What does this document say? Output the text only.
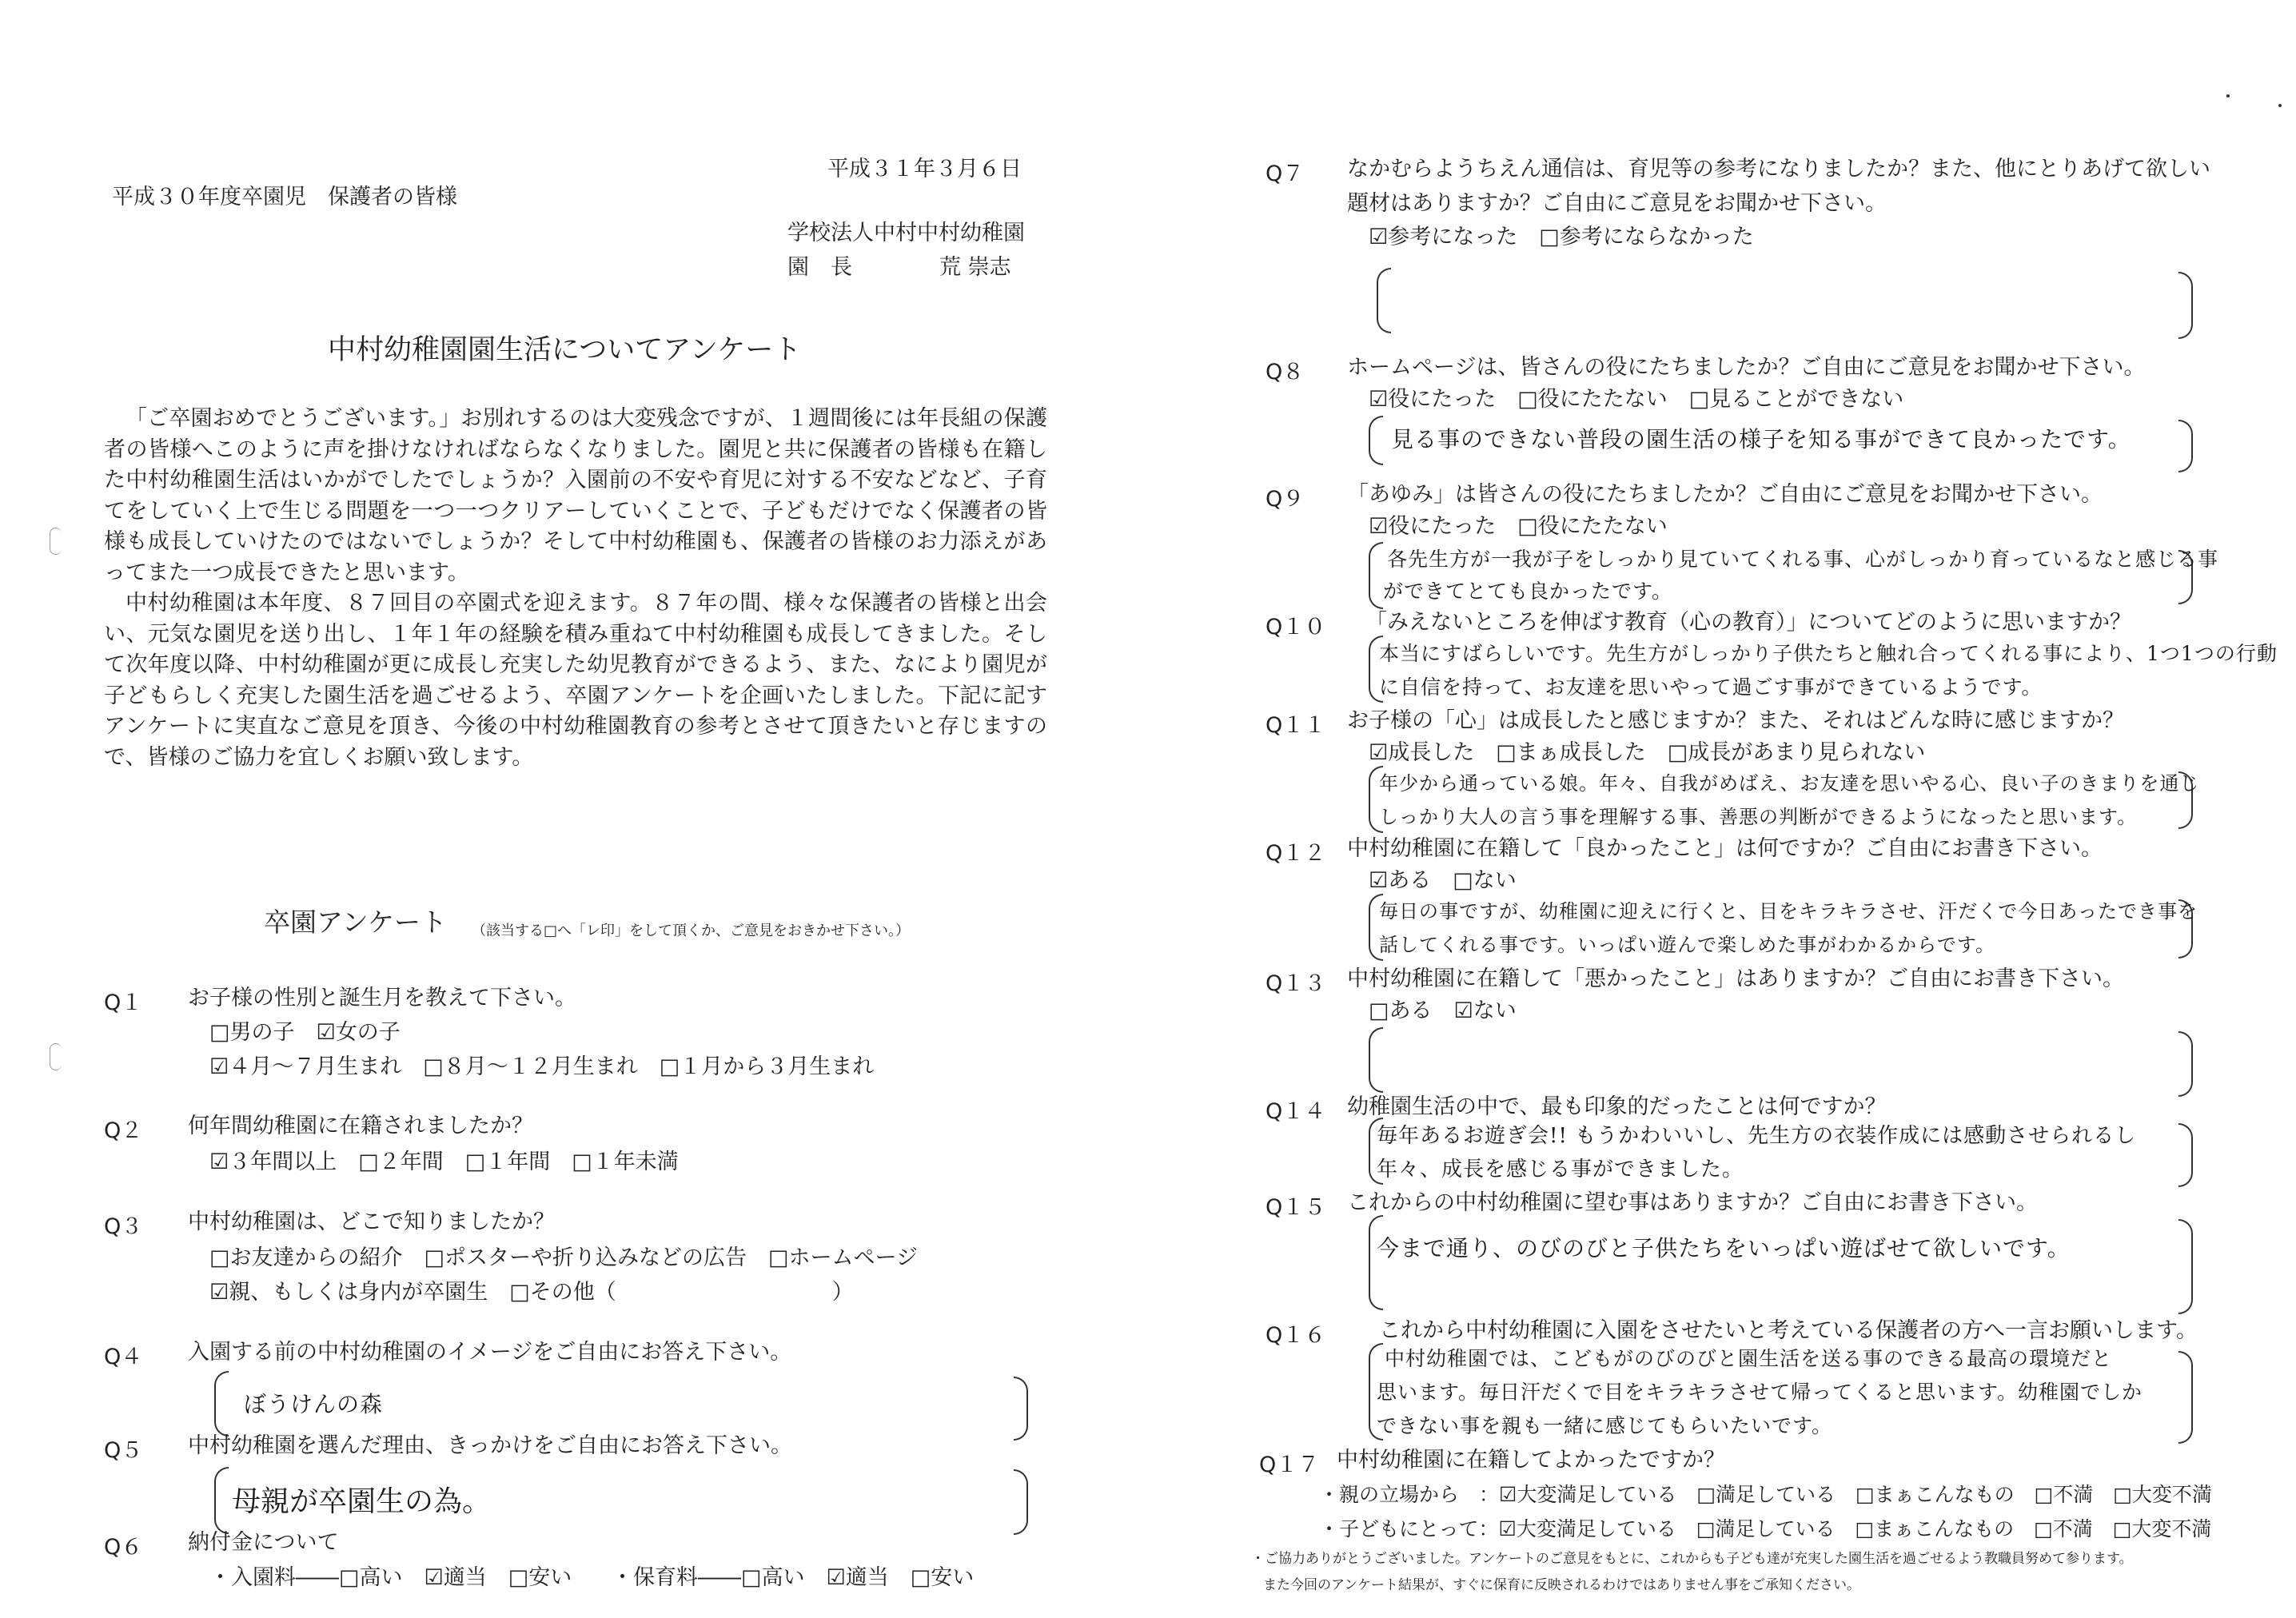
平成３０年度卒園児　保護者の皆様
平成３１年３月６日
学校法人中村中村幼稚園
園　長	荒 崇志
中村幼稚園園生活についてアンケート

「ご卒園おめでとうございます。」お別れするのは大変残念ですが、１週間後には年長組の保護者の皆様へこのように声を掛けなければならなくなりました。園児と共に保護者の皆様も在籍した中村幼稚園生活はいかがでしたでしょうか？入園前の不安や育児に対する不安などなど、子育てをしていく上で生じる問題を一つ一つクリアーしていくことで、子どもだけでなく保護者の皆様も成長していけたのではないでしょうか？そして中村幼稚園も、保護者の皆様のお力添えがあってまた一つ成長できたと思います。

中村幼稚園は本年度、８７回目の卒園式を迎えます。８７年の間、様々な保護者の皆様と出会い、元気な園児を送り出し、１年１年の経験を積み重ねて中村幼稚園も成長してきました。そして次年度以降、中村幼稚園が更に成長し充実した幼児教育ができるよう、また、なにより園児が子どもらしく充実した園生活を過ごせるよう、卒園アンケートを企画いたしました。下記に記すアンケートに実直なご意見を頂き、今後の中村幼稚園教育の参考とさせて頂きたいと存じますので、皆様のご協力を宜しくお願い致します。

卒園アンケート （該当する□へ「レ印」をして頂くか、ご意見をおきかせ下さい。）
Q１ お子様の性別と誕生月を教えて下さい。
□男の子　☑女の子
☑４月～７月生まれ　□８月～１２月生まれ　□１月から３月生まれ
Q２ 何年間幼稚園に在籍されましたか？
☑３年間以上　□２年間　□１年間　□１年未満
Q３ 中村幼稚園は、どこで知りましたか？
□お友達からの紹介　□ポスターや折り込みなどの広告　□ホームページ
☑親、もしくは身内が卒園生　□その他（　　　　　　　　　　）
Q４ 入園する前の中村幼稚園のイメージをご自由にお答え下さい。
ぼうけんの森
Q５ 中村幼稚園を選んだ理由、きっかけをご自由にお答え下さい。
母親が卒園生の為。
Q６ 納付金について
・入園料――□高い　☑適当　□安い ・保育料――□高い　☑適当　□安い
Q７ なかむらようちえん通信は、育児等の参考になりましたか？また、他にとりあげて欲しい
題材はありますか？ご自由にご意見をお聞かせ下さい。
☑参考になった　□参考にならなかった
Q８ ホームページは、皆さんの役にたちましたか？ご自由にご意見をお聞かせ下さい。
☑役にたった　□役にたたない　□見ることができない
見る事のできない普段の園生活の様子を知る事ができて良かったです。
Q９ 「あゆみ」は皆さんの役にたちましたか？ご自由にご意見をお聞かせ下さい。
☑役にたった　□役にたたない
各先生方が一我が子をしっかり見ていてくれる事、心がしっかり育っているなと感じる事
ができてとても良かったです。
Q１０ 「みえないところを伸ばす教育（心の教育）」についてどのように思いますか？
本当にすばらしいです。先生方がしっかり子供たちと触れ合ってくれる事により、1つ1つの行動
に自信を持って、お友達を思いやって過ごす事ができているようです。
Q１１ お子様の「心」は成長したと感じますか？また、それはどんな時に感じますか？
☑成長した　□まぁ成長した　□成長があまり見られない
年少から通っている娘。年々、自我がめばえ、お友達を思いやる心、良い子のきまりを通じ
しっかり大人の言う事を理解する事、善悪の判断ができるようになったと思います。
Q１２ 中村幼稚園に在籍して「良かったこと」は何ですか？ご自由にお書き下さい。
☑ある　□ない
毎日の事ですが、幼稚園に迎えに行くと、目をキラキラさせ、汗だくで今日あったでき事を
話してくれる事です。いっぱい遊んで楽しめた事がわかるからです。
Q１３ 中村幼稚園に在籍して「悪かったこと」はありますか？ご自由にお書き下さい。
□ある　☑ない
Q１４ 幼稚園生活の中で、最も印象的だったことは何ですか？
毎年あるお遊ぎ会!! もうかわいいし、先生方の衣装作成には感動させられるし
年々、成長を感じる事ができました。
Q１５ これからの中村幼稚園に望む事はありますか？ご自由にお書き下さい。
今まで通り、のびのびと子供たちをいっぱい遊ばせて欲しいです。
Q１６ これから中村幼稚園に入園をさせたいと考えている保護者の方へ一言お願いします。
中村幼稚園では、こどもがのびのびと園生活を送る事のできる最高の環境だと
思います。毎日汗だくで目をキラキラさせて帰ってくると思います。幼稚園でしか
できない事を親も一緒に感じてもらいたいです。
Q１７ 中村幼稚園に在籍してよかったですか？
・親の立場から　：☑大変満足している　□満足している　□まぁこんなもの　□不満　□大変不満
・子どもにとって：☑大変満足している　□満足している　□まぁこんなもの　□不満　□大変不満
・ご協力ありがとうございました。アンケートのご意見をもとに、これからも子ども達が充実した園生活を過ごせるよう教職員努めて参ります。
また今回のアンケート結果が、すぐに保育に反映されるわけではありません事をご承知ください。
